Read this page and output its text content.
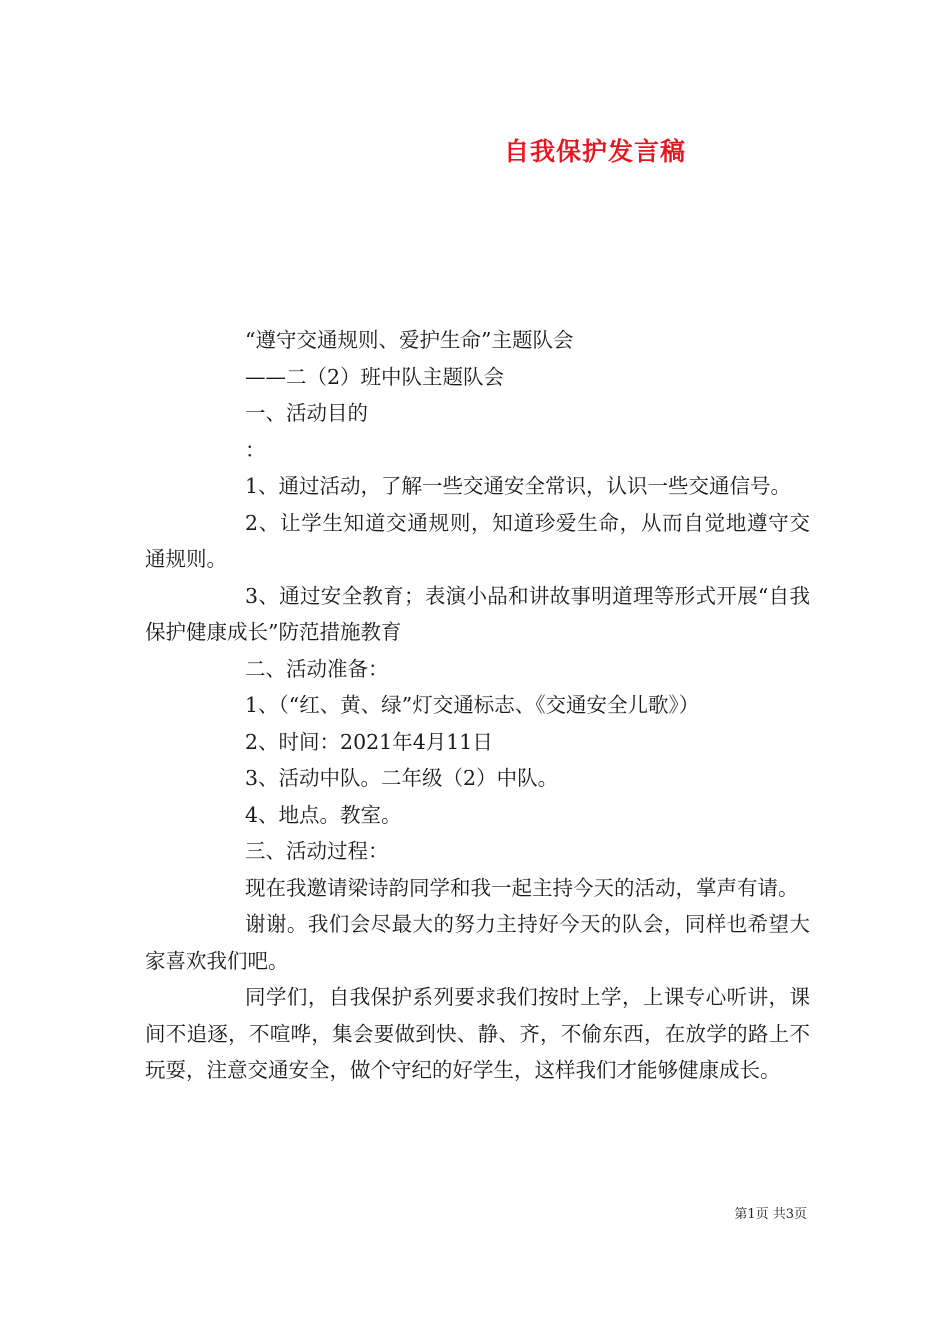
自我保护发言稿

“遵守交通规则、爱护生命”主题队会

——二（2）班中队主题队会

一、活动目的

：

1、通过活动，了解一些交通安全常识，认识一些交通信号。

2、让学生知道交通规则，知道珍爱生命，从而自觉地遵守交通规则。

3、通过安全教育；表演小品和讲故事明道理等形式开展“自我保护健康成长”防范措施教育

二、活动准备：

1、（“红、黄、绿”灯交通标志、《交通安全儿歌》）

2、时间：2021年4月11日

3、活动中队。二年级（2）中队。

4、地点。教室。

三、活动过程：

现在我邀请梁诗韵同学和我一起主持今天的活动，掌声有请。

谢谢。我们会尽最大的努力主持好今天的队会，同样也希望大家喜欢我们吧。

同学们，自我保护系列要求我们按时上学，上课专心听讲，课间不追逐，不喧哗，集会要做到快、静、齐，不偷东西，在放学的路上不玩耍，注意交通安全，做个守纪的好学生，这样我们才能够健康成长。

第1页 共3页
